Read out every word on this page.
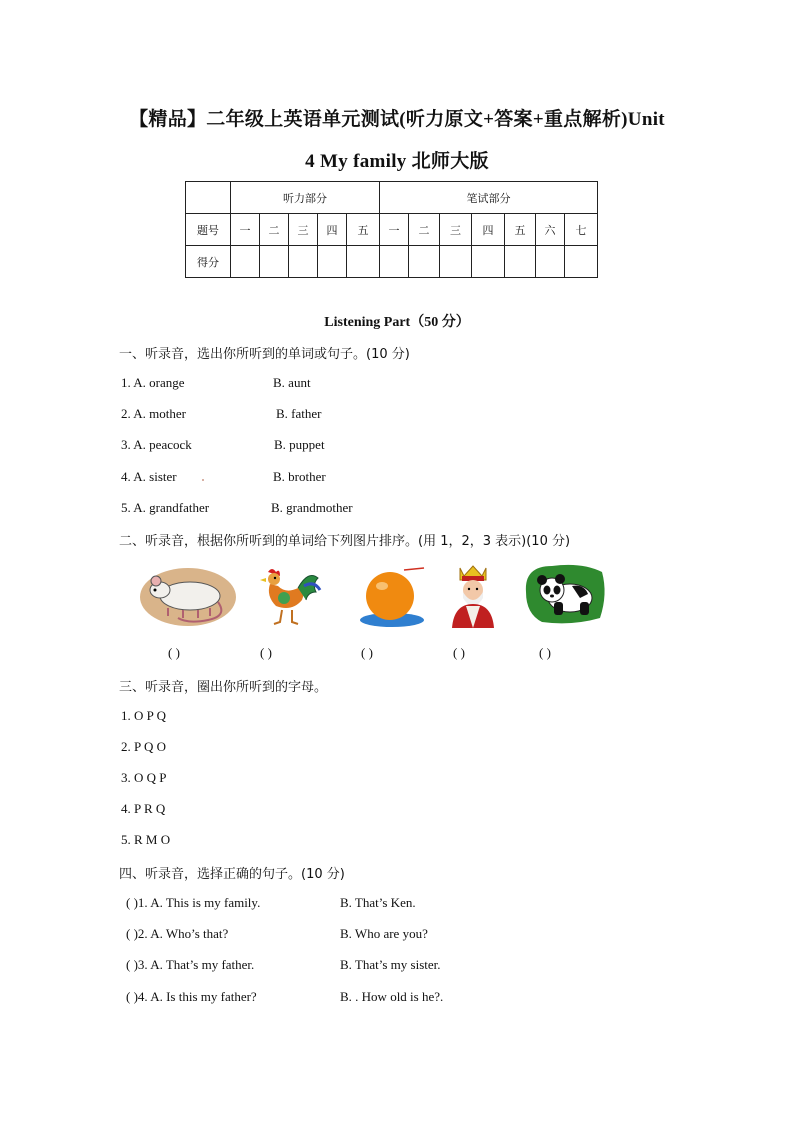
【精品】二年级上英语单元测试(听力原文+答案+重点解析)Unit
4 My family 北师大版
	听力部分					笔试部分						
题号	一	二	三	四	五	一	二	三	四	五	六	七
得分												
Listening Part（50 分）
一、听录音，选出你所听到的单词或句子。(10 分)
1. A. orange	B. aunt
2. A. mother	B. father
3. A. peacock	B. puppet
4. A. sister	B. brother
5. A. grandfather	B. grandmother
二、听录音，根据你所听到的单词给下列图片排序。(用 1，2，3 表示)(10 分)
( )	( )	( )	( )	( )
三、听录音，圈出你所听到的字母。
1. O P Q
2. P Q O
3. O Q P
4. P R Q
5. R M O
四、听录音，选择正确的句子。(10 分)
( )1. A. This is my family.	B. That’s Ken.
( )2. A. Who’s that?	B. Who are you?
( )3. A. That’s my father.	B. That’s my sister.
( )4. A. Is this my father?	B. . How old is he?.
